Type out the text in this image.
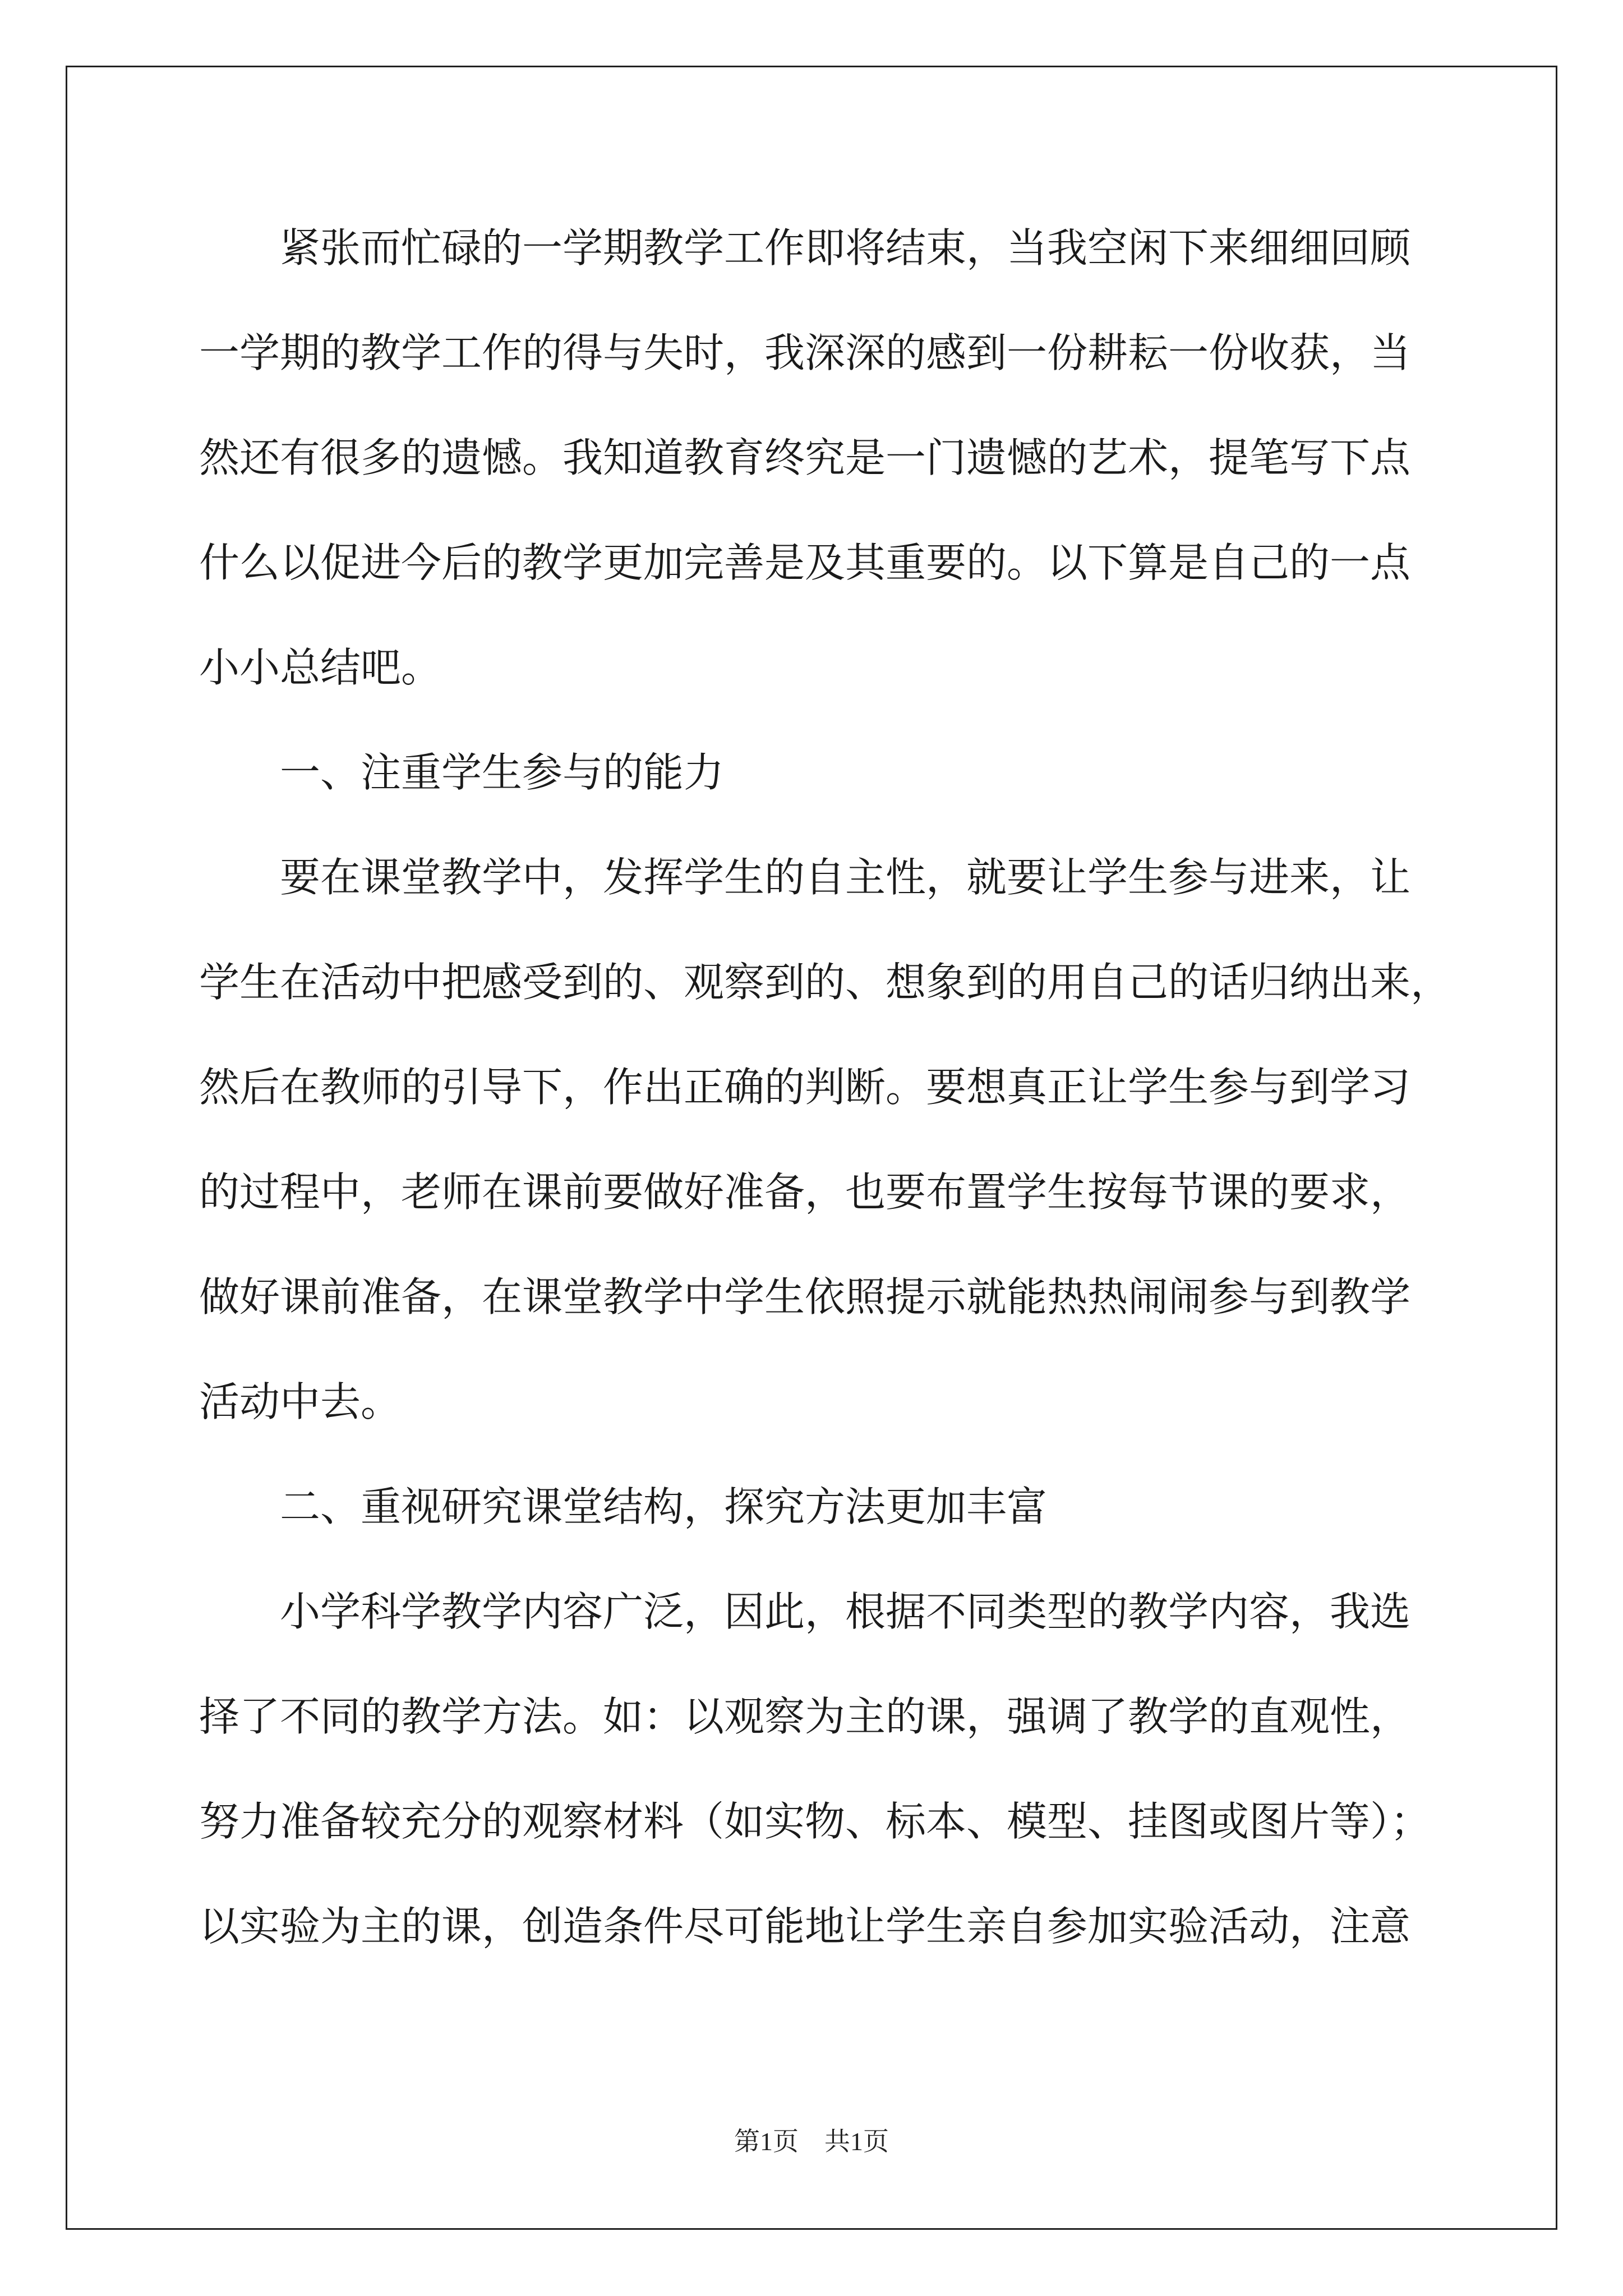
　　紧张而忙碌的一学期教学工作即将结束，当我空闲下来细细回顾
一学期的教学工作的得与失时，我深深的感到一份耕耘一份收获，当
然还有很多的遗憾。我知道教育终究是一门遗憾的艺术，提笔写下点
什么以促进今后的教学更加完善是及其重要的。以下算是自己的一点
小小总结吧。
　　一、注重学生参与的能力
　　要在课堂教学中，发挥学生的自主性，就要让学生参与进来，让
学生在活动中把感受到的、观察到的、想象到的用自己的话归纳出来，
然后在教师的引导下，作出正确的判断。要想真正让学生参与到学习
的过程中，老师在课前要做好准备，也要布置学生按每节课的要求，
做好课前准备，在课堂教学中学生依照提示就能热热闹闹参与到教学
活动中去。
　　二、重视研究课堂结构，探究方法更加丰富
　　小学科学教学内容广泛，因此，根据不同类型的教学内容，我选
择了不同的教学方法。如：以观察为主的课，强调了教学的直观性，
努力准备较充分的观察材料（如实物、标本、模型、挂图或图片等）；
以实验为主的课，创造条件尽可能地让学生亲自参加实验活动，注意
第1页　共1页
